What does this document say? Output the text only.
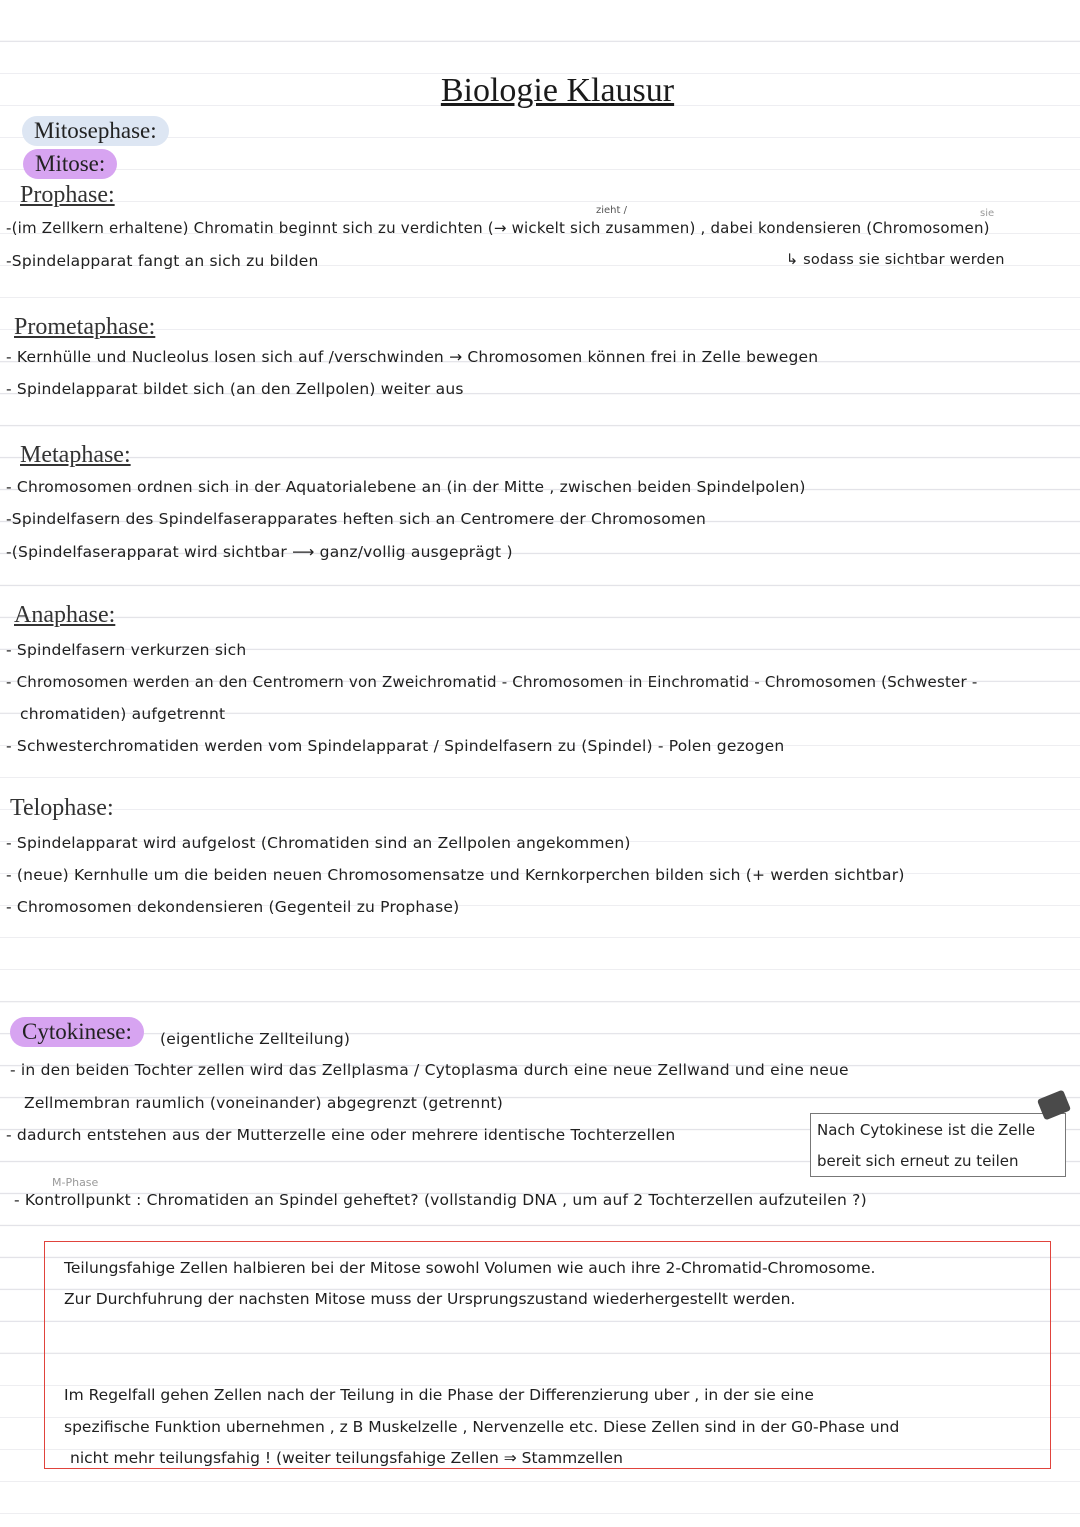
Biologie Klausur
Mitosephase:
Mitose:
Prophase:
zieht /	sie
-(im Zellkern erhaltene) Chromatin beginnt sich zu verdichten (→ wickelt sich zusammen) , dabei kondensieren (Chromosomen)
-Spindelapparat fangt an sich zu bilden	↳ sodass sie sichtbar werden
Prometaphase:
- Kernhülle und Nucleolus losen sich auf /verschwinden → Chromosomen können frei in Zelle bewegen
- Spindelapparat bildet sich (an den Zellpolen) weiter aus
Metaphase:
- Chromosomen ordnen sich in der Aquatorialebene an (in der Mitte , zwischen beiden Spindelpolen)
-Spindelfasern des Spindelfaserapparates heften sich an Centromere der Chromosomen
-(Spindelfaserapparat wird sichtbar ⟶ ganz/vollig ausgeprägt )
Anaphase:
- Spindelfasern verkurzen sich
- Chromosomen werden an den Centromern von Zweichromatid - Chromosomen in Einchromatid - Chromosomen (Schwester -
chromatiden) aufgetrennt
- Schwesterchromatiden werden vom Spindelapparat / Spindelfasern zu (Spindel) - Polen gezogen
Telophase:
- Spindelapparat wird aufgelost (Chromatiden sind an Zellpolen angekommen)
- (neue) Kernhulle um die beiden neuen Chromosomensatze und Kernkorperchen bilden sich (+ werden sichtbar)
- Chromosomen dekondensieren (Gegenteil zu Prophase)
Cytokinese:	(eigentliche Zellteilung)
- in den beiden Tochter zellen wird das Zellplasma / Cytoplasma durch eine neue Zellwand und eine neue
Zellmembran raumlich (voneinander) abgegrenzt (getrennt)
- dadurch entstehen aus der Mutterzelle eine oder mehrere identische Tochterzellen	Nach Cytokinese ist die Zelle
bereit sich erneut zu teilen
M-Phase
- Kontrollpunkt : Chromatiden an Spindel geheftet? (vollstandig DNA , um auf 2 Tochterzellen aufzuteilen ?)
Teilungsfahige Zellen halbieren bei der Mitose sowohl Volumen wie auch ihre 2-Chromatid-Chromosome.
Zur Durchfuhrung der nachsten Mitose muss der Ursprungszustand wiederhergestellt werden.
Im Regelfall gehen Zellen nach der Teilung in die Phase der Differenzierung uber , in der sie eine
spezifische Funktion ubernehmen , z B Muskelzelle , Nervenzelle etc. Diese Zellen sind in der G0-Phase und
nicht mehr teilungsfahig ! (weiter teilungsfahige Zellen ⇒ Stammzellen
